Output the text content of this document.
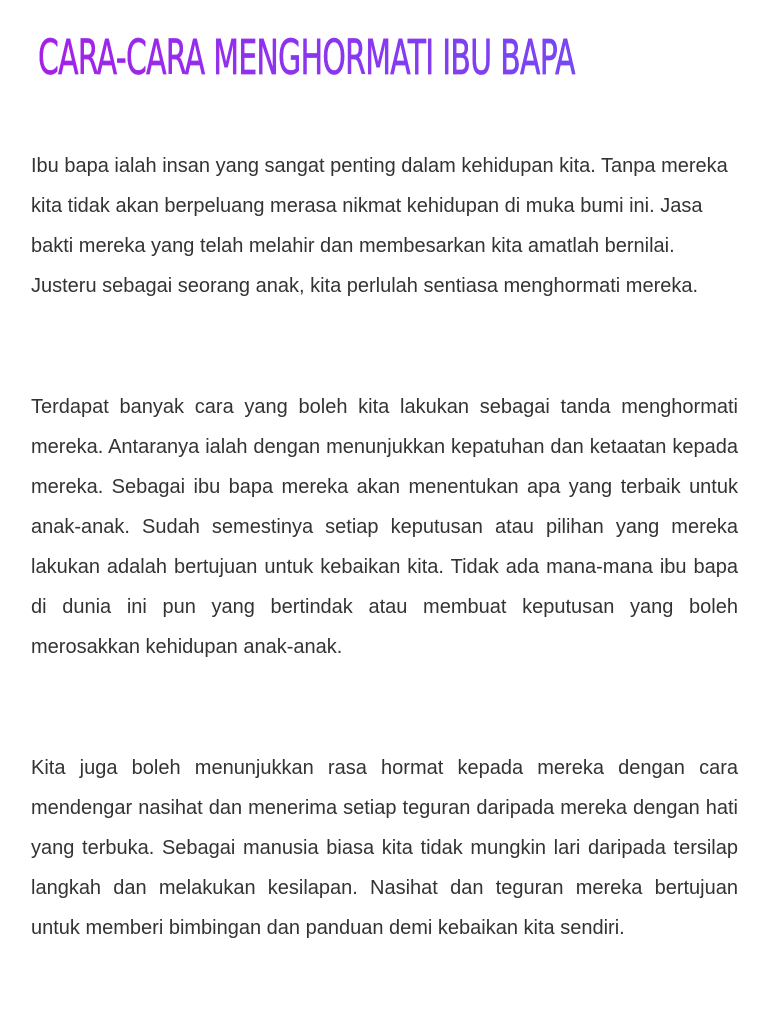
CARA-CARA MENGHORMATI IBU BAPA

Ibu bapa ialah insan yang sangat penting dalam kehidupan kita. Tanpa mereka kita tidak akan berpeluang merasa nikmat kehidupan di muka bumi ini. Jasa bakti mereka yang telah melahir dan membesarkan kita amatlah bernilai. Justeru sebagai seorang anak, kita perlulah sentiasa menghormati mereka.

Terdapat banyak cara yang boleh kita lakukan sebagai tanda menghormati mereka. Antaranya ialah dengan menunjukkan kepatuhan dan ketaatan kepada mereka. Sebagai ibu bapa mereka akan menentukan apa yang terbaik untuk anak-anak. Sudah semestinya setiap keputusan atau pilihan yang mereka lakukan adalah bertujuan untuk kebaikan kita. Tidak ada mana-mana ibu bapa di dunia ini pun yang bertindak atau membuat keputusan yang boleh merosakkan kehidupan anak-anak.

Kita juga boleh menunjukkan rasa hormat kepada mereka dengan cara mendengar nasihat dan menerima setiap teguran daripada mereka dengan hati yang terbuka. Sebagai manusia biasa kita tidak mungkin lari daripada tersilap langkah dan melakukan kesilapan. Nasihat dan teguran mereka bertujuan untuk memberi bimbingan dan panduan demi kebaikan kita sendiri.
